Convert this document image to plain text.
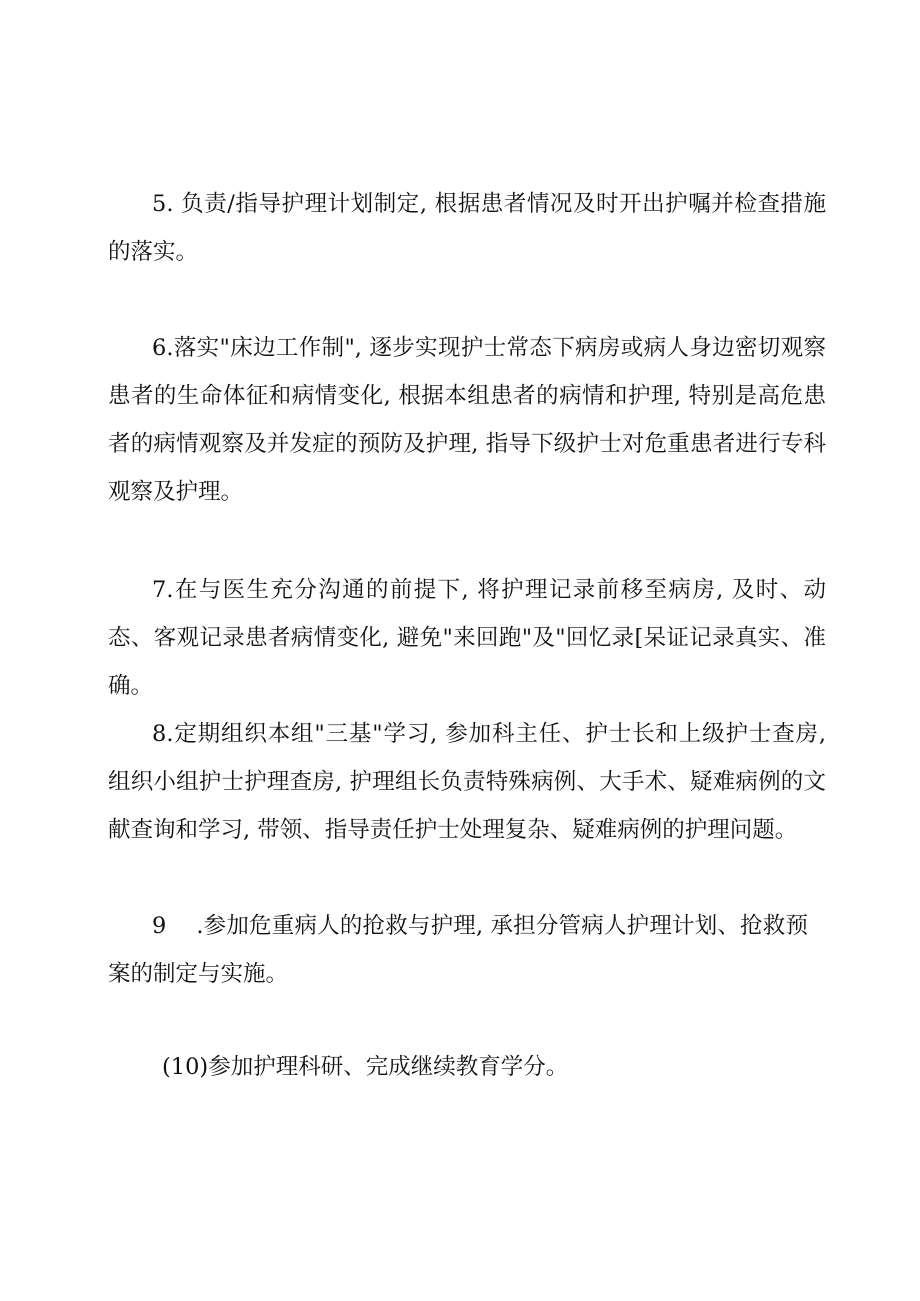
5. 负责/指导护理计划制定, 根据患者情况及时开出护嘱并检查措施的落实。

6.落实"床边工作制", 逐步实现护士常态下病房或病人身边密切观察患者的生命体征和病情变化, 根据本组患者的病情和护理, 特别是高危患者的病情观察及并发症的预防及护理, 指导下级护士对危重患者进行专科观察及护理。

7.在与医生充分沟通的前提下, 将护理记录前移至病房, 及时、动态、客观记录患者病情变化, 避免"来回跑"及"回忆录[呆证记录真实、准确。

8.定期组织本组"三基"学习, 参加科主任、护士长和上级护士查房, 组织小组护士护理查房, 护理组长负责特殊病例、大手术、疑难病例的文献查询和学习, 带领、指导责任护士处理复杂、疑难病例的护理问题。

9 .参加危重病人的抢救与护理, 承担分管病人护理计划、抢救预案的制定与实施。

(10)参加护理科研、完成继续教育学分。
